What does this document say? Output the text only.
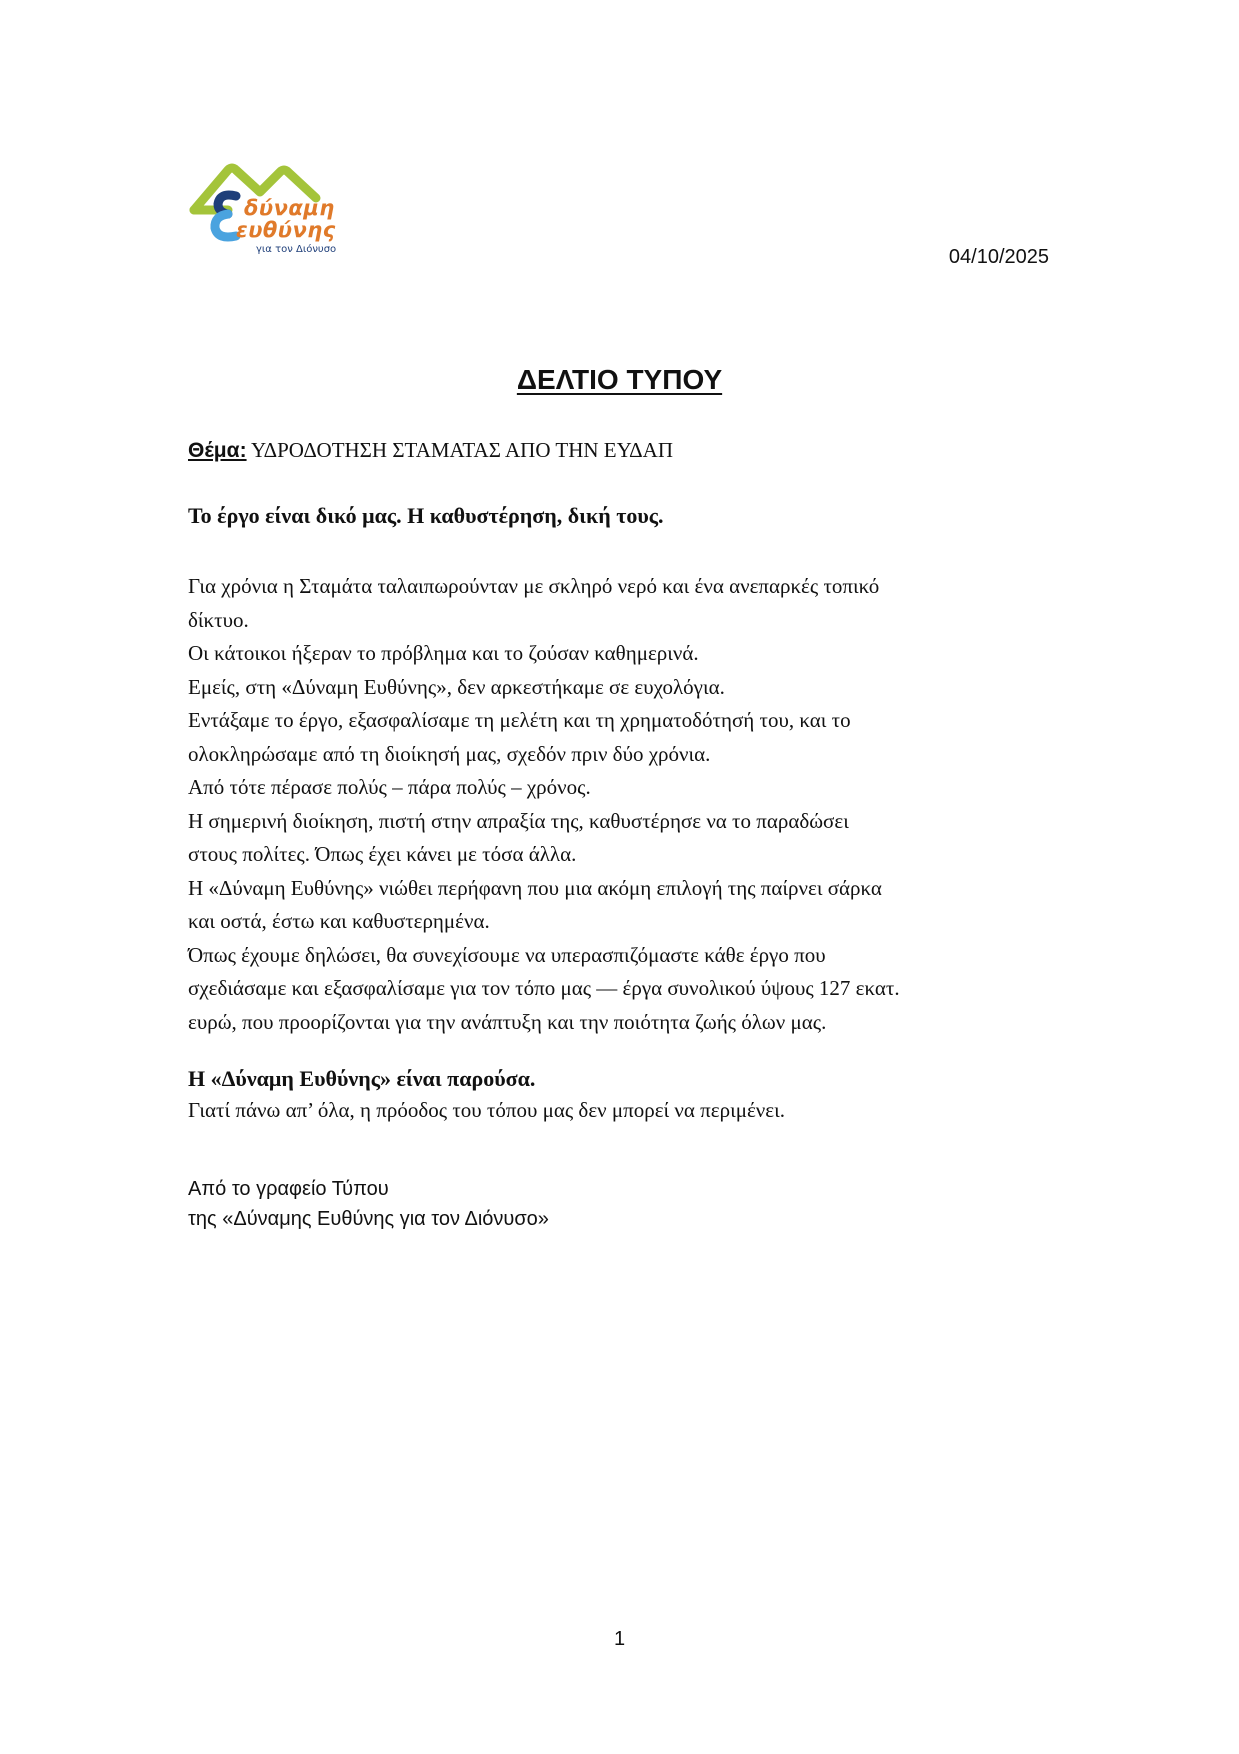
δύναμη
ευθύνης
για τον Διόνυσο	04/10/2025
ΔΕΛΤΙΟ ΤΥΠΟΥ
Θέμα: ΥΔΡΟΔΟΤΗΣΗ ΣΤΑΜΑΤΑΣ ΑΠΟ ΤΗΝ ΕΥΔΑΠ
Το έργο είναι δικό μας. Η καθυστέρηση, δική τους.
Για χρόνια η Σταμάτα ταλαιπωρούνταν με σκληρό νερό και ένα ανεπαρκές τοπικό
δίκτυο.
Οι κάτοικοι ήξεραν το πρόβλημα και το ζούσαν καθημερινά.
Εμείς, στη «Δύναμη Ευθύνης», δεν αρκεστήκαμε σε ευχολόγια.
Εντάξαμε το έργο, εξασφαλίσαμε τη μελέτη και τη χρηματοδότησή του, και το
ολοκληρώσαμε από τη διοίκησή μας, σχεδόν πριν δύο χρόνια.
Από τότε πέρασε πολύς – πάρα πολύς – χρόνος.
Η σημερινή διοίκηση, πιστή στην απραξία της, καθυστέρησε να το παραδώσει
στους πολίτες. Όπως έχει κάνει με τόσα άλλα.
Η «Δύναμη Ευθύνης» νιώθει περήφανη που μια ακόμη επιλογή της παίρνει σάρκα
και οστά, έστω και καθυστερημένα.
Όπως έχουμε δηλώσει, θα συνεχίσουμε να υπερασπιζόμαστε κάθε έργο που
σχεδιάσαμε και εξασφαλίσαμε για τον τόπο μας — έργα συνολικού ύψους 127 εκατ.
ευρώ, που προορίζονται για την ανάπτυξη και την ποιότητα ζωής όλων μας.
Η «Δύναμη Ευθύνης» είναι παρούσα.
Γιατί πάνω απ’ όλα, η πρόοδος του τόπου μας δεν μπορεί να περιμένει.
Από το γραφείο Τύπου
της «Δύναμης Ευθύνης για τον Διόνυσο»
1
